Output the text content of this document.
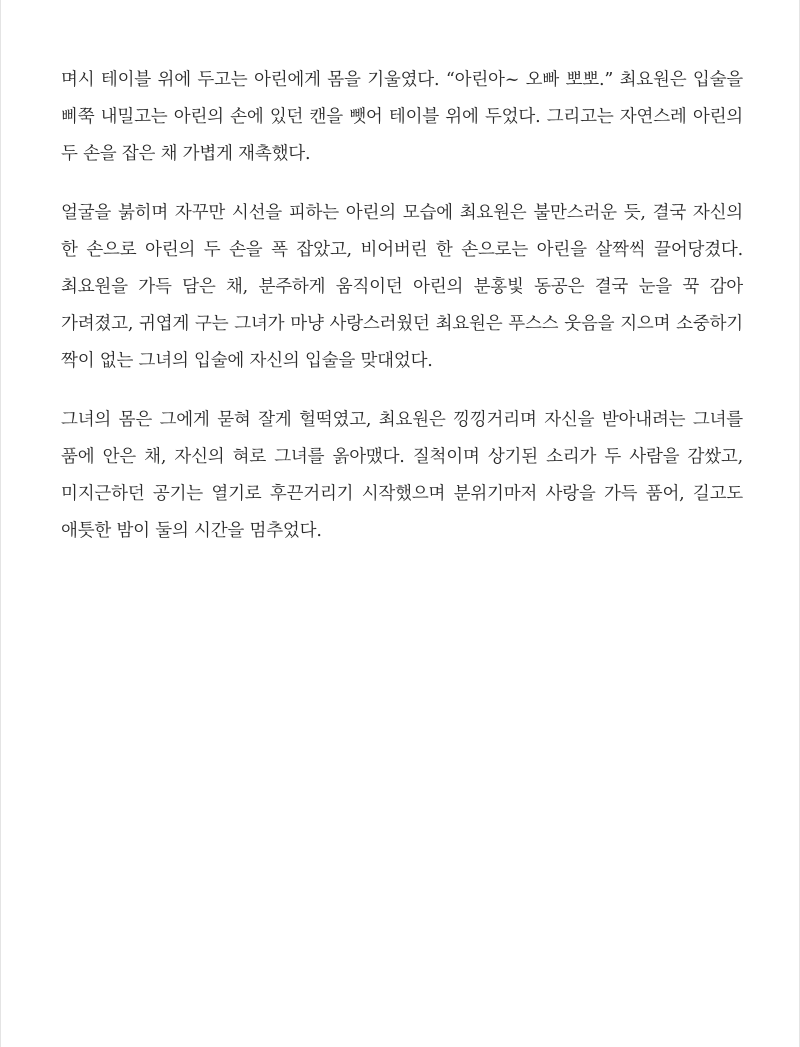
며시 테이블 위에 두고는 아린에게 몸을 기울였다. “아린아~ 오빠 뽀뽀.” 최요원은 입술을 삐쭉 내밀고는 아린의 손에 있던 캔을 뺏어 테이블 위에 두었다. 그리고는 자연스레 아린의 두 손을 잡은 채 가볍게 재촉했다.

얼굴을 붉히며 자꾸만 시선을 피하는 아린의 모습에 최요원은 불만스러운 듯, 결국 자신의 한 손으로 아린의 두 손을 폭 잡았고, 비어버린 한 손으로는 아린을 살짝씩 끌어당겼다. 최요원을 가득 담은 채, 분주하게 움직이던 아린의 분홍빛 동공은 결국 눈을 꾹 감아 가려졌고, 귀엽게 구는 그녀가 마냥 사랑스러웠던 최요원은 푸스스 웃음을 지으며 소중하기 짝이 없는 그녀의 입술에 자신의 입술을 맞대었다.

그녀의 몸은 그에게 묻혀 잘게 헐떡였고, 최요원은 낑낑거리며 자신을 받아내려는 그녀를 품에 안은 채, 자신의 혀로 그녀를 옭아맸다. 질척이며 상기된 소리가 두 사람을 감쌌고, 미지근하던 공기는 열기로 후끈거리기 시작했으며 분위기마저 사랑을 가득 품어, 길고도 애틋한 밤이 둘의 시간을 멈추었다.
